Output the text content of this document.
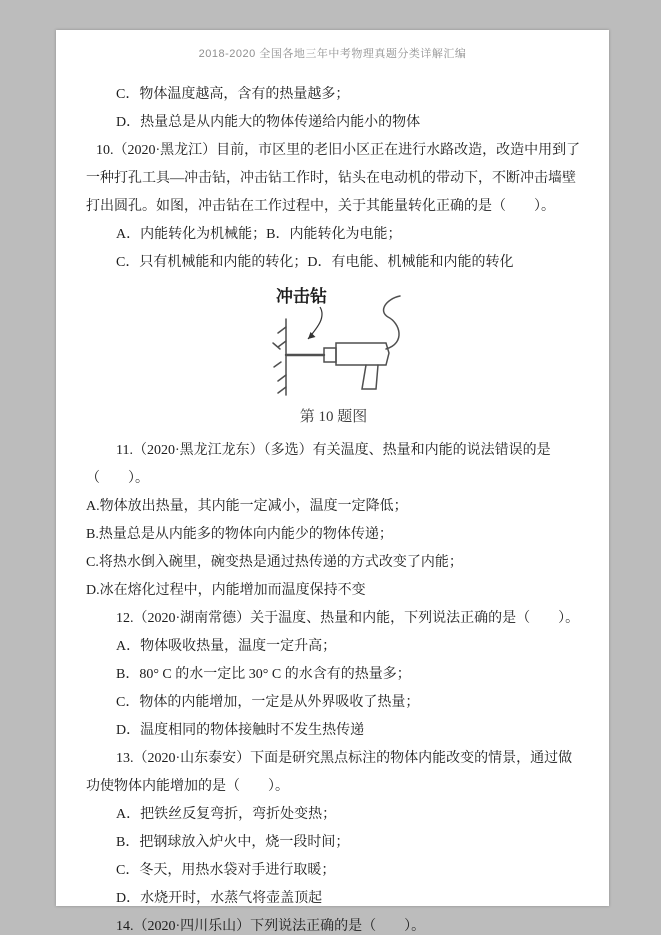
2018-2020 全国各地三年中考物理真题分类详解汇编

C．物体温度越高，含有的热量越多；

D．热量总是从内能大的物体传递给内能小的物体

10.（2020·黑龙江）目前，市区里的老旧小区正在进行水路改造，改造中用到了一种打孔工具—冲击钻，冲击钻工作时，钻头在电动机的带动下，不断冲击墙壁打出圆孔。如图，冲击钻在工作过程中，关于其能量转化正确的是（　　）。

A．内能转化为机械能；B．内能转化为电能；

C．只有机械能和内能的转化；D．有电能、机械能和内能的转化

冲击钻
第 10 题图

11.（2020·黑龙江龙东）（多选）有关温度、热量和内能的说法错误的是（　　）。

A.物体放出热量，其内能一定减小，温度一定降低；

B.热量总是从内能多的物体向内能少的物体传递；

C.将热水倒入碗里，碗变热是通过热传递的方式改变了内能；

D.冰在熔化过程中，内能增加而温度保持不变

12.（2020·湖南常德）关于温度、热量和内能，下列说法正确的是（　　）。

A．物体吸收热量，温度一定升高；

B．80° C 的水一定比 30° C 的水含有的热量多；

C．物体的内能增加，一定是从外界吸收了热量；

D．温度相同的物体接触时不发生热传递

13.（2020·山东泰安）下面是研究黑点标注的物体内能改变的情景，通过做功使物体内能增加的是（　　）。

A．把铁丝反复弯折，弯折处变热；

B．把钢球放入炉火中，烧一段时间；

C．冬天，用热水袋对手进行取暖；

D．水烧开时，水蒸气将壶盖顶起

14.（2020·四川乐山）下列说法正确的是（　　）。
